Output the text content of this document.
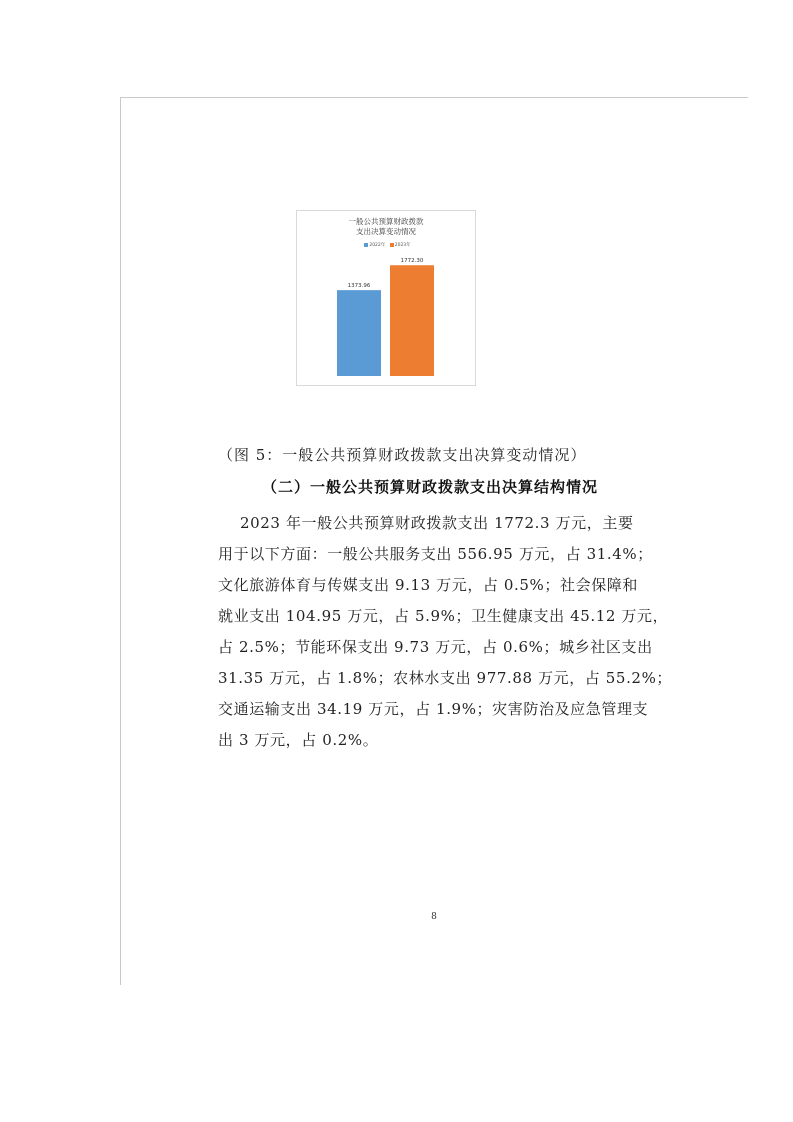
一般公共预算财政拨款
支出决算变动情况
2022年 2023年
1373.96
1772.30
（图 5：一般公共预算财政拨款支出决算变动情况）
（二）一般公共预算财政拨款支出决算结构情况
2023 年一般公共预算财政拨款支出 1772.3 万元，主要
用于以下方面：一般公共服务支出 556.95 万元，占 31.4%；
文化旅游体育与传媒支出 9.13 万元，占 0.5%；社会保障和
就业支出 104.95 万元，占 5.9%；卫生健康支出 45.12 万元，
占 2.5%；节能环保支出 9.73 万元，占 0.6%；城乡社区支出
31.35 万元，占 1.8%；农林水支出 977.88 万元，占 55.2%；
交通运输支出 34.19 万元，占 1.9%；灾害防治及应急管理支
出 3 万元，占 0.2%。
8
